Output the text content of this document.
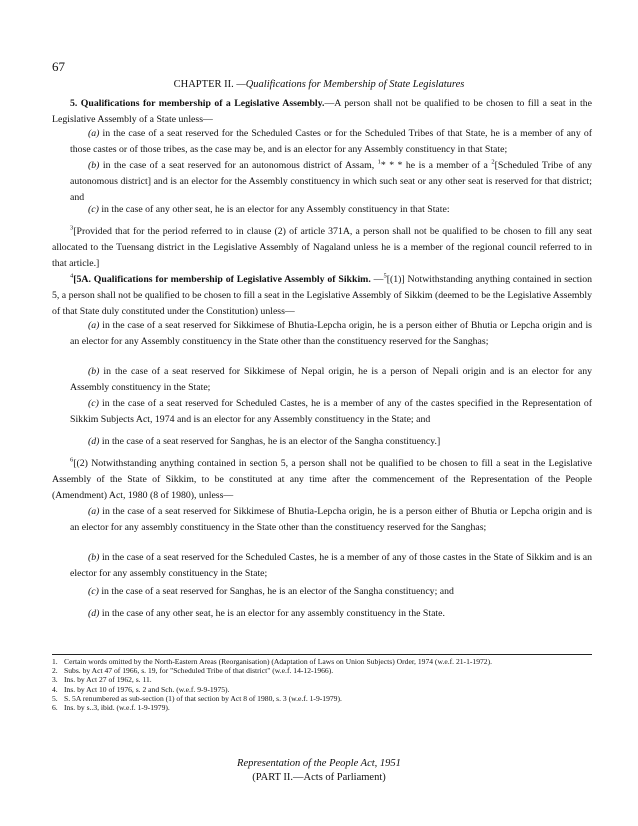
67
CHAPTER II. —Qualifications for Membership of State Legislatures

5. Qualifications for membership of a Legislative Assembly.—A person shall not be qualified to be chosen to fill a seat in the Legislative Assembly of a State unless—

(a) in the case of a seat reserved for the Scheduled Castes or for the Scheduled Tribes of that State, he is a member of any of those castes or of those tribes, as the case may be, and is an elector for any Assembly constituency in that State;

(b) in the case of a seat reserved for an autonomous district of Assam, $^1$* * * he is a member of a $^2$[Scheduled Tribe of any autonomous district] and is an elector for the Assembly constituency in which such seat or any other seat is reserved for that district; and

(c) in the case of any other seat, he is an elector for any Assembly constituency in that State:

$^3$[Provided that for the period referred to in clause (2) of article 371A, a person shall not be qualified to be chosen to fill any seat allocated to the Tuensang district in the Legislative Assembly of Nagaland unless he is a member of the regional council referred to in that article.]

$^4$[5A. Qualifications for membership of Legislative Assembly of Sikkim. —$^5$[(1)] Notwithstanding anything contained in section 5, a person shall not be qualified to be chosen to fill a seat in the Legislative Assembly of Sikkim (deemed to be the Legislative Assembly of that State duly constituted under the Constitution) unless—

(a) in the case of a seat reserved for Sikkimese of Bhutia-Lepcha origin, he is a person either of Bhutia or Lepcha origin and is an elector for any Assembly constituency in the State other than the constituency reserved for the Sanghas;

(b) in the case of a seat reserved for Sikkimese of Nepal origin, he is a person of Nepali origin and is an elector for any Assembly constituency in the State;

(c) in the case of a seat reserved for Scheduled Castes, he is a member of any of the castes specified in the Representation of Sikkim Subjects Act, 1974 and is an elector for any Assembly constituency in the State; and

(d) in the case of a seat reserved for Sanghas, he is an elector of the Sangha constituency.]

$^6$[(2) Notwithstanding anything contained in section 5, a person shall not be qualified to be chosen to fill a seat in the Legislative Assembly of the State of Sikkim, to be constituted at any time after the commencement of the Representation of the People (Amendment) Act, 1980 (8 of 1980), unless—

(a) in the case of a seat reserved for Sikkimese of Bhutia-Lepcha origin, he is a person either of Bhutia or Lepcha origin and is an elector for any assembly constituency in the State other than the constituency reserved for the Sanghas;

(b) in the case of a seat reserved for the Scheduled Castes, he is a member of any of those castes in the State of Sikkim and is an elector for any assembly constituency in the State;

1. Certain words omitted by the North-Eastern Areas (Reorganisation) (Adaptation of Laws on Union Subjects) Order, 1974 (w.e.f. 21-1-1972).
2. Subs. by Act 47 of 1966, s. 19, for "Scheduled Tribe of that district" (w.e.f. 14-12-1966).
3. Ins. by Act 27 of 1962, s. 11.
4. Ins. by Act 10 of 1976, s. 2 and Sch. (w.e.f. 9-9-1975).
5. S. 5A renumbered as sub-section (1) of that section by Act 8 of 1980, s. 3 (w.e.f. 1-9-1979).
6. Ins. by s..3, ibid. (w.e.f. 1-9-1979).
Representation of the People Act, 1951
(PART II.—Acts of Parliament)

(c) in the case of a seat reserved for Sanghas, he is an elector of the Sangha constituency; and

(d) in the case of any other seat, he is an elector for any assembly constituency in the State.
